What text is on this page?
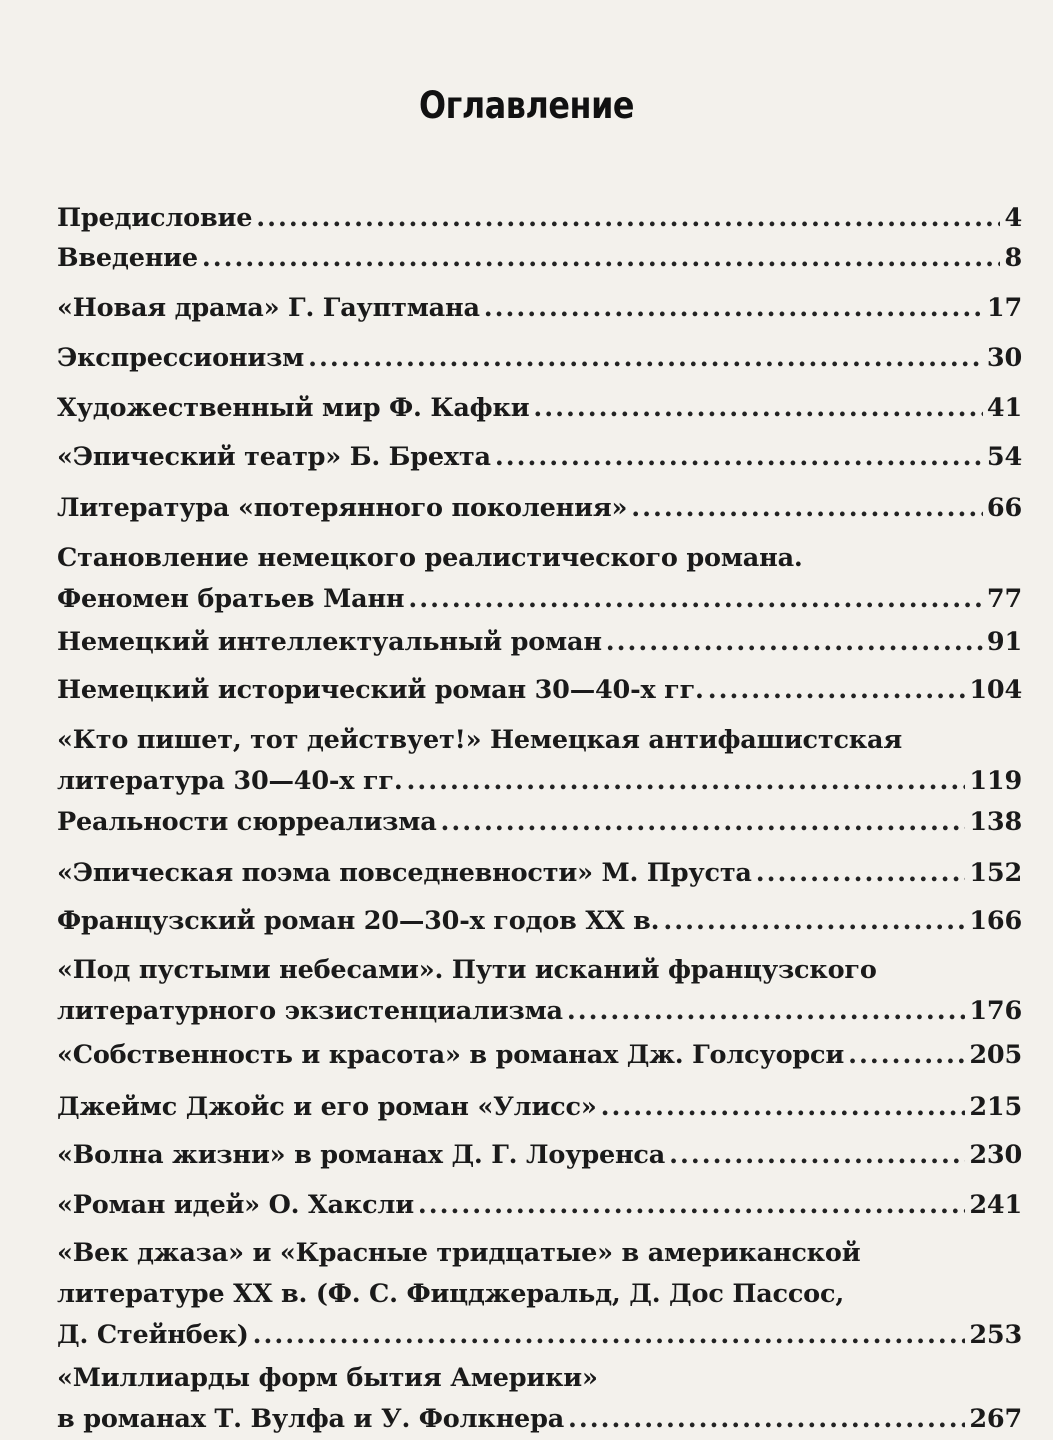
Оглавление
Предисловие .....	4
Введение .....	8
«Новая драма» Г. Гауптмана .....	17
Экспрессионизм .....	30
Художественный мир Ф. Кафки .....	41
«Эпический театр» Б. Брехта .....	54
Литература «потерянного поколения» .....	66
Становление немецкого реалистического романа.
Феномен братьев Манн .....	77
Немецкий интеллектуальный роман .....	91
Немецкий исторический роман 30—40-х гг. .....	104
«Кто пишет, тот действует!» Немецкая антифашистская
литература 30—40-х гг. .....	119
Реальности сюрреализма .....	138
«Эпическая поэма повседневности» М. Пруста .....	152
Французский роман 20—30-х годов XX в. .....	166
«Под пустыми небесами». Пути исканий французского
литературного экзистенциализма .....	176
«Собственность и красота» в романах Дж. Голсуорси .....	205
Джеймс Джойс и его роман «Улисс» .....	215
«Волна жизни» в романах Д. Г. Лоуренса .....	230
«Роман идей» О. Хаксли .....	241
«Век джаза» и «Красные тридцатые» в американской
литературе XX в. (Ф. С. Фицджеральд, Д. Дос Пассос,
Д. Стейнбек) .....	253
«Миллиарды форм бытия Америки»
в романах Т. Вулфа и У. Фолкнера .....	267
